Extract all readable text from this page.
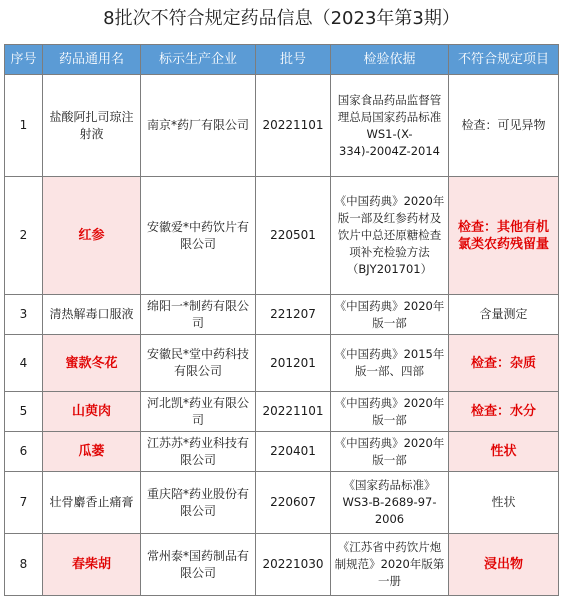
8批次不符合规定药品信息（2023年第3期）
序号	药品通用名	标示生产企业	批号	检验依据	不符合规定项目
1	盐酸阿扎司琼注射液	南京*药厂有限公司	20221101	国家食品药品监督管理总局国家药品标准WS1-(X-334)-2004Z-2014	检查：可见异物
2	红参	安徽爱*中药饮片有限公司	220501	《中国药典》2020年版一部及红参药材及饮片中总还原糖检查项补充检验方法（BJY201701）	检查：其他有机氯类农药残留量
3	清热解毒口服液	绵阳一*制药有限公司	221207	《中国药典》2020年版一部	含量测定
4	蜜款冬花	安徽民*堂中药科技有限公司	201201	《中国药典》2015年版一部、四部	检查：杂质
5	山萸肉	河北凯*药业有限公司	20221101	《中国药典》2020年版一部	检查：水分
6	瓜蒌	江苏苏*药业科技有限公司	220401	《中国药典》2020年版一部	性状
7	壮骨麝香止痛膏	重庆陪*药业股份有限公司	220607	《国家药品标准》WS3-B-2689-97-2006	性状
8	春柴胡	常州泰*国药制品有限公司	20221030	《江苏省中药饮片炮制规范》2020年版第一册	浸出物
